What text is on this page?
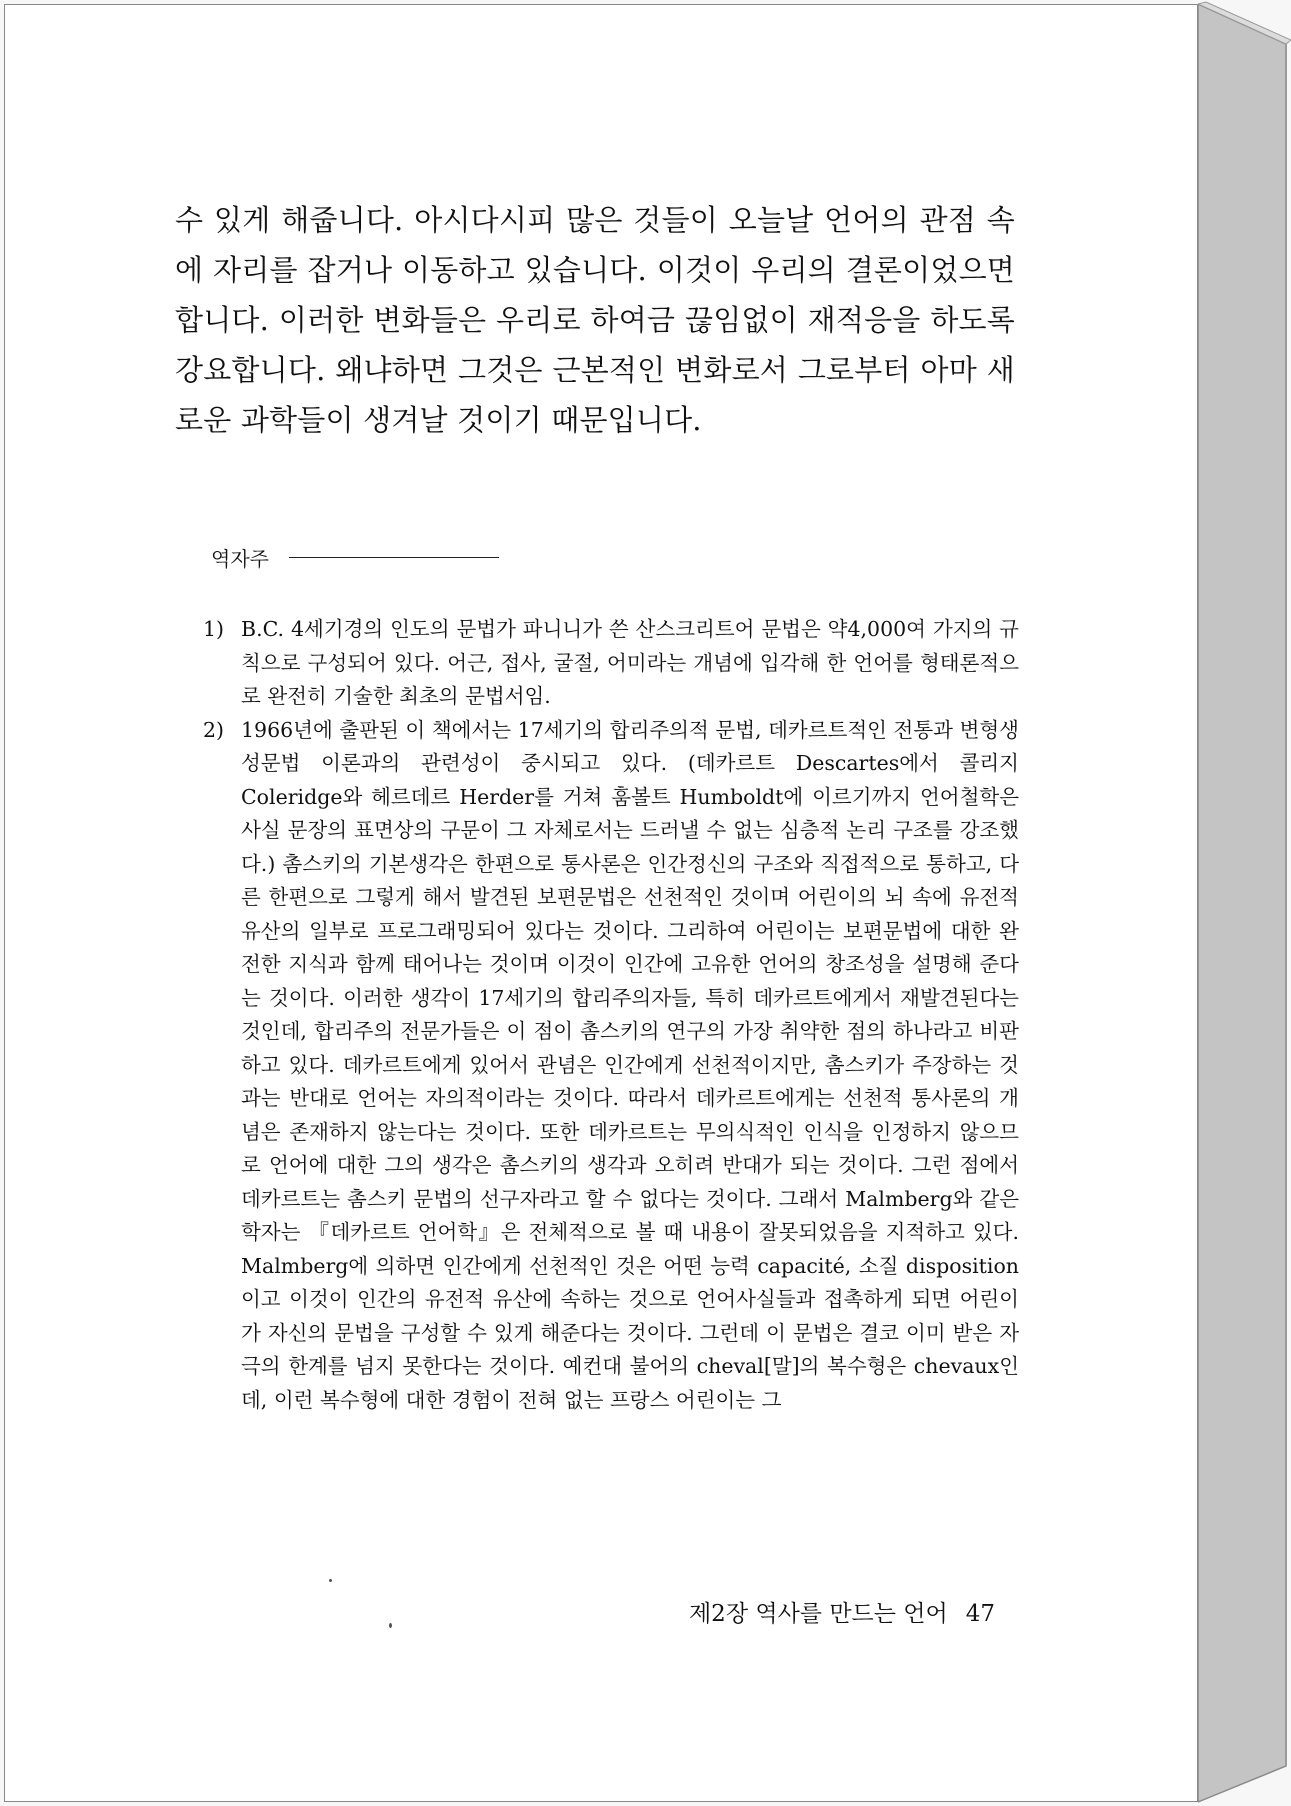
수 있게 해줍니다. 아시다시피 많은 것들이 오늘날 언어의 관점 속에 자리를 잡거나 이동하고 있습니다. 이것이 우리의 결론이었으면 합니다. 이러한 변화들은 우리로 하여금 끊임없이 재적응을 하도록 강요합니다. 왜냐하면 그것은 근본적인 변화로서 그로부터 아마 새로운 과학들이 생겨날 것이기 때문입니다.

역자주
1) B.C. 4세기경의 인도의 문법가 파니니가 쓴 산스크리트어 문법은 약4,000여 가지의 규칙으로 구성되어 있다. 어근, 접사, 굴절, 어미라는 개념에 입각해 한 언어를 형태론적으로 완전히 기술한 최초의 문법서임.
2) 1966년에 출판된 이 책에서는 17세기의 합리주의적 문법, 데카르트적인 전통과 변형생성문법 이론과의 관련성이 중시되고 있다. (데카르트 Descartes에서 콜리지 Coleridge와 헤르데르 Herder를 거쳐 훔볼트 Humboldt에 이르기까지 언어철학은 사실 문장의 표면상의 구문이 그 자체로서는 드러낼 수 없는 심층적 논리 구조를 강조했다.) 촘스키의 기본생각은 한편으로 통사론은 인간정신의 구조와 직접적으로 통하고, 다른 한편으로 그렇게 해서 발견된 보편문법은 선천적인 것이며 어린이의 뇌 속에 유전적 유산의 일부로 프로그래밍되어 있다는 것이다. 그리하여 어린이는 보편문법에 대한 완전한 지식과 함께 태어나는 것이며 이것이 인간에 고유한 언어의 창조성을 설명해 준다는 것이다. 이러한 생각이 17세기의 합리주의자들, 특히 데카르트에게서 재발견된다는 것인데, 합리주의 전문가들은 이 점이 촘스키의 연구의 가장 취약한 점의 하나라고 비판하고 있다. 데카르트에게 있어서 관념은 인간에게 선천적이지만, 촘스키가 주장하는 것과는 반대로 언어는 자의적이라는 것이다. 따라서 데카르트에게는 선천적 통사론의 개념은 존재하지 않는다는 것이다. 또한 데카르트는 무의식적인 인식을 인정하지 않으므로 언어에 대한 그의 생각은 촘스키의 생각과 오히려 반대가 되는 것이다. 그런 점에서 데카르트는 촘스키 문법의 선구자라고 할 수 없다는 것이다. 그래서 Malmberg와 같은 학자는 『데카르트 언어학』은 전체적으로 볼 때 내용이 잘못되었음을 지적하고 있다. Malmberg에 의하면 인간에게 선천적인 것은 어떤 능력 capacité, 소질 disposition이고 이것이 인간의 유전적 유산에 속하는 것으로 언어사실들과 접촉하게 되면 어린이가 자신의 문법을 구성할 수 있게 해준다는 것이다. 그런데 이 문법은 결코 이미 받은 자극의 한계를 넘지 못한다는 것이다. 예컨대 불어의 cheval[말]의 복수형은 chevaux인데, 이런 복수형에 대한 경험이 전혀 없는 프랑스 어린이는 그
제2장 역사를 만드는 언어 47
